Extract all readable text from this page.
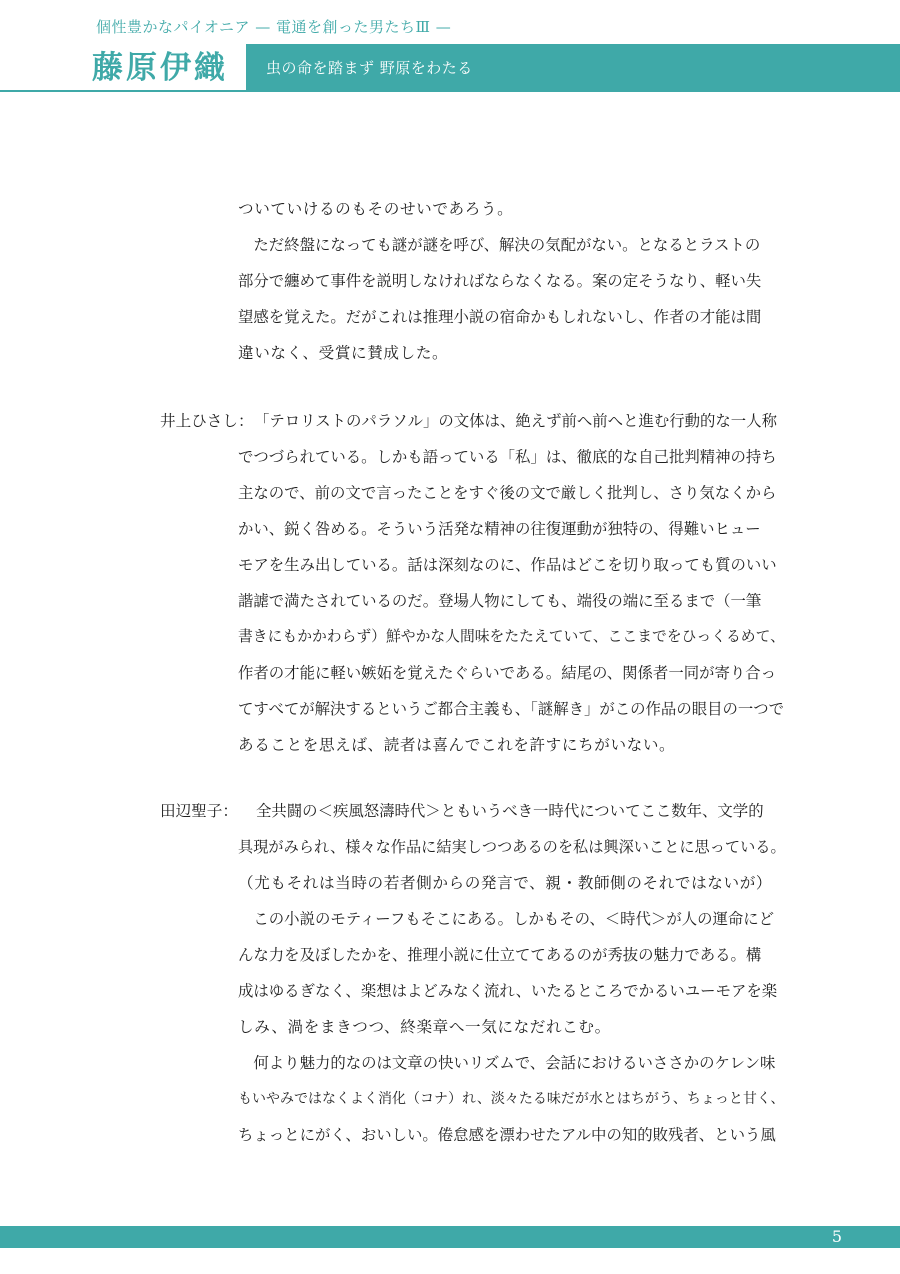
個性豊かなパイオニア — 電通を創った男たちⅢ —
藤原伊織	虫の命を踏まず 野原をわたる
ついていけるのもそのせいであろう。
　ただ終盤になっても謎が謎を呼び、解決の気配がない。となるとラストの
部分で纏めて事件を説明しなければならなくなる。案の定そうなり、軽い失
望感を覚えた。だがこれは推理小説の宿命かもしれないし、作者の才能は間
違いなく、受賞に賛成した。
井上ひさし： 「テロリストのパラソル」の文体は、絶えず前へ前へと進む行動的な一人称
でつづられている。しかも語っている「私」は、徹底的な自己批判精神の持ち
主なので、前の文で言ったことをすぐ後の文で厳しく批判し、さり気なくから
かい、鋭く咎める。そういう活発な精神の往復運動が独特の、得難いヒュー
モアを生み出している。話は深刻なのに、作品はどこを切り取っても質のいい
諧謔で満たされているのだ。登場人物にしても、端役の端に至るまで（一筆
書きにもかかわらず）鮮やかな人間味をたたえていて、ここまでをひっくるめて、
作者の才能に軽い嫉妬を覚えたぐらいである。結尾の、関係者一同が寄り合っ
てすべてが解決するというご都合主義も、「謎解き」がこの作品の眼目の一つで
あることを思えば、読者は喜んでこれを許すにちがいない。
田辺聖子： 全共闘の＜疾風怒濤時代＞ともいうべき一時代についてここ数年、文学的
具現がみられ、様々な作品に結実しつつあるのを私は興深いことに思っている。
（尤もそれは当時の若者側からの発言で、親・教師側のそれではないが）
　この小説のモティーフもそこにある。しかもその、＜時代＞が人の運命にど
んな力を及ぼしたかを、推理小説に仕立ててあるのが秀抜の魅力である。構
成はゆるぎなく、楽想はよどみなく流れ、いたるところでかるいユーモアを楽
しみ、渦をまきつつ、終楽章へ一気になだれこむ。
　何より魅力的なのは文章の快いリズムで、会話におけるいささかのケレン味
もいやみではなくよく消化（コナ）れ、淡々たる味だが水とはちがう、ちょっと甘く、
ちょっとにがく、おいしい。倦怠感を漂わせたアル中の知的敗残者、という風
5
